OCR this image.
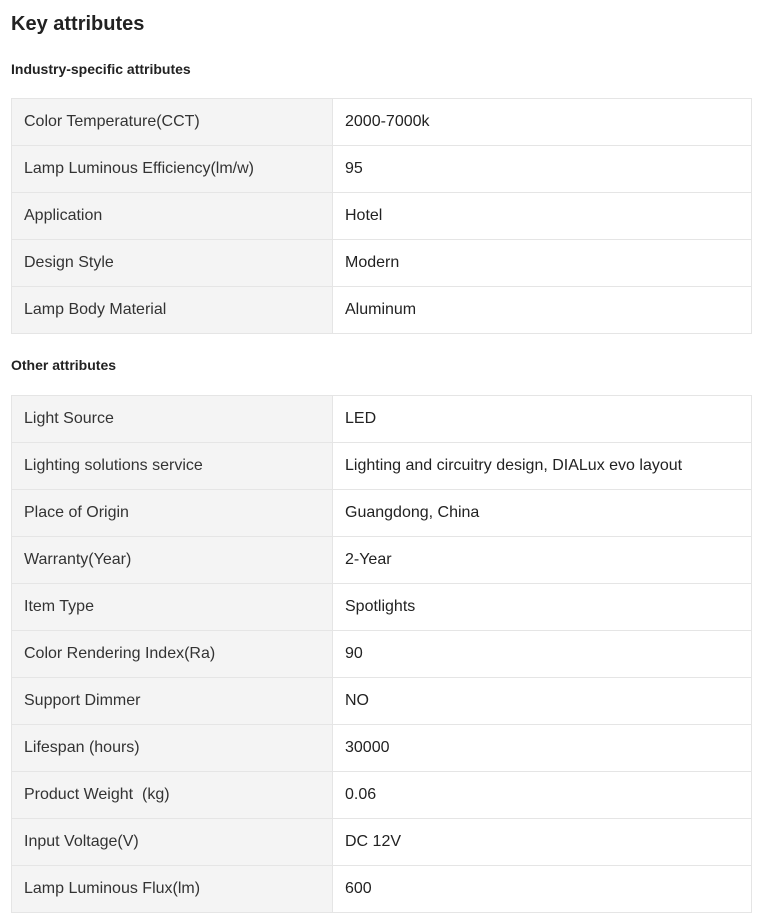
Key attributes
Industry-specific attributes
Color Temperature(CCT)	2000-7000k
Lamp Luminous Efficiency(lm/w)	95
Application	Hotel
Design Style	Modern
Lamp Body Material	Aluminum
Other attributes
Light Source	LED
Lighting solutions service	Lighting and circuitry design, DIALux evo layout
Place of Origin	Guangdong, China
Warranty(Year)	2-Year
Item Type	Spotlights
Color Rendering Index(Ra)	90
Support Dimmer	NO
Lifespan (hours)	30000
Product Weight  (kg)	0.06
Input Voltage(V)	DC 12V
Lamp Luminous Flux(lm)	600
